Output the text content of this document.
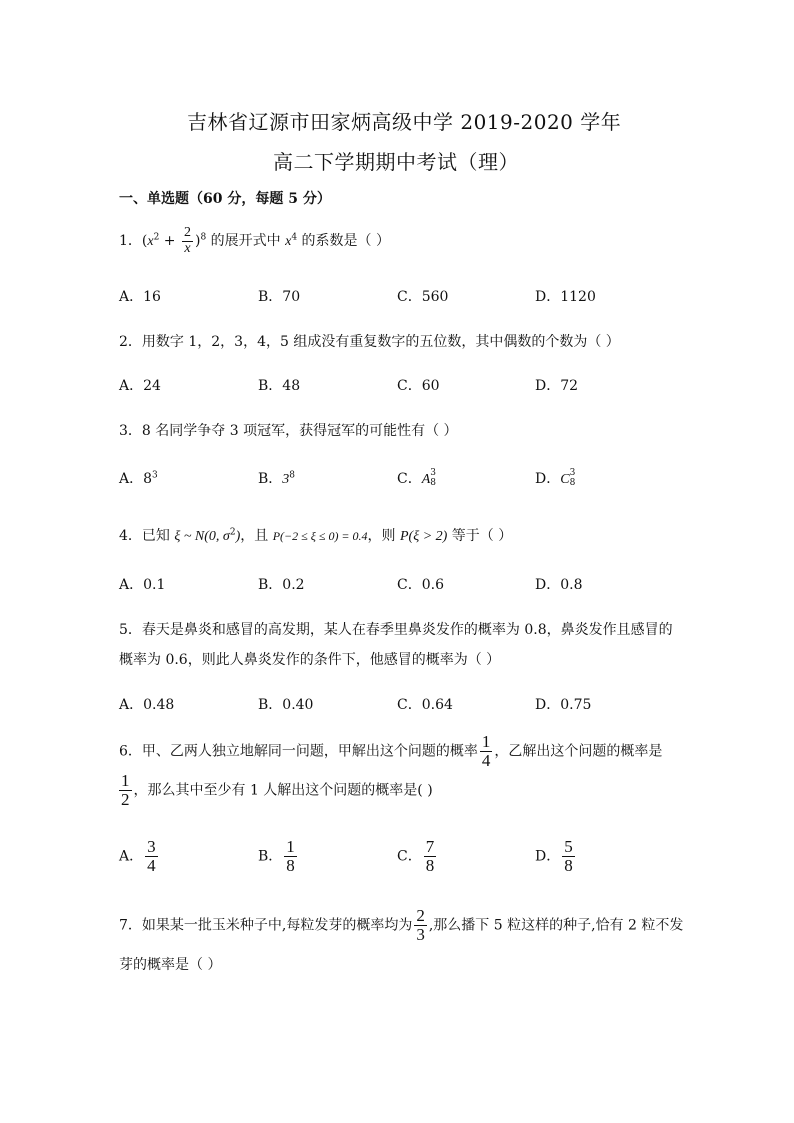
吉林省辽源市田家炳高级中学 2019-2020 学年
高二下学期期中考试（理）
一、单选题（60 分，每题 5 分）
1．$(x^2 + \frac{2}{x} )^8$ 的展开式中 $x^4$ 的系数是（ ）
A．16	B．70	C．560	D．1120
2．用数字 1，2，3，4，5 组成没有重复数字的五位数，其中偶数的个数为（ ）
A．24	B．48	C．60	D．72
3．8 名同学争夺 3 项冠军，获得冠军的可能性有（ ）
A．$8^3$	B．$3^8$	C．A 3
8	D．C 3
8
4．已知 ξ ~ N(0, $\sigma^2$)，且 P(−2 ≤ ξ ≤ 0) = 0.4，则 P(ξ > 2) 等于（ ）
A．0.1	B．0.2	C．0.6	D．0.8
5．春天是鼻炎和感冒的高发期，某人在春季里鼻炎发作的概率为 0.8，鼻炎发作且感冒的
概率为 0.6，则此人鼻炎发作的条件下，他感冒的概率为（ ）
A．0.48	B．0.40	C．0.64	D．0.75
6．甲、乙两人独立地解同一问题，甲解出这个问题的概率 $\frac{1}{4}$ ，乙解出这个问题的概率是
$\frac{1}{2}$ ，那么其中至少有 1 人解出这个问题的概率是( )
A． $\frac{3}{4}$	B． $\frac{1}{8}$	C． $\frac{7}{8}$	D． $\frac{5}{8}$
7．如果某一批玉米种子中,每粒发芽的概率均为 $\frac{2}{3}$ ,那么播下 5 粒这样的种子,恰有 2 粒不发
芽的概率是（ ）
